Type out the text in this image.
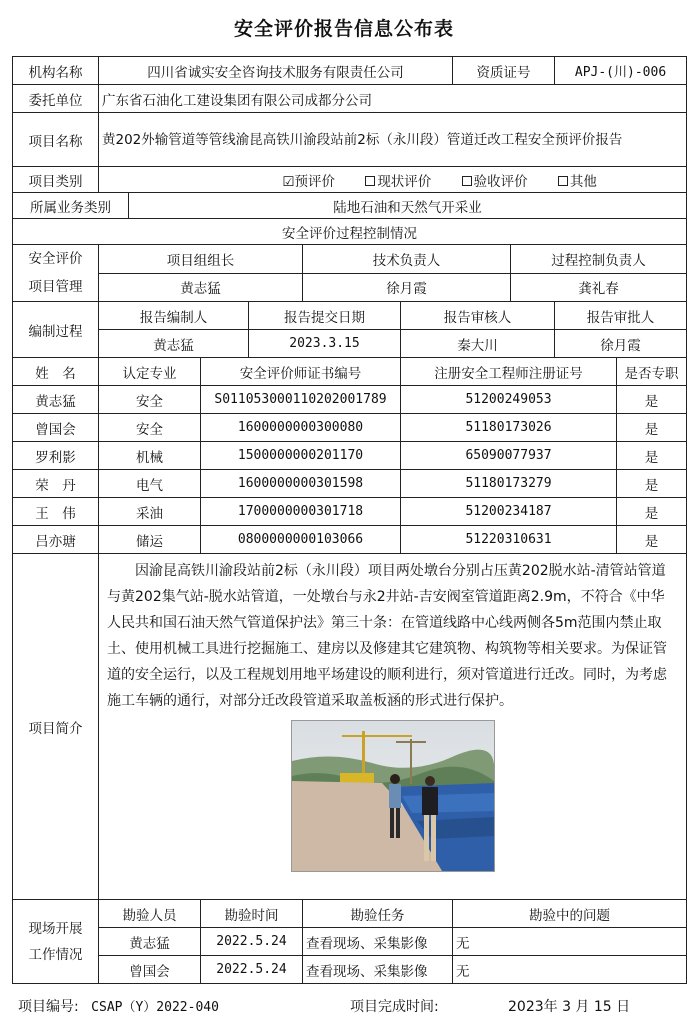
安全评价报告信息公布表
机构名称	四川省诚实安全咨询技术服务有限责任公司						资质证号		APJ-(川)-006	
委托单位	广东省石油化工建设集团有限公司成都分公司									
项目名称	黄202外输管道等管线渝昆高铁川渝段站前2标（永川段）管道迁改工程安全预评价报告									
项目类别	☑预评价 现状评价 验收评价 其他									
所属业务类别		陆地石油和天然气开采业								
安全评价过程控制情况										

安全评价
项目管理	项目组组长				技术负责人			过程控制负责人		
	黄志猛				徐月霞			龚礼春		
编制过程	报告编制人			报告提交日期		报告审核人			报告审批人	
	黄志猛			2023.3.15		秦大川			徐月霞	
姓　名	认定专业		安全评价师证书编号			注册安全工程师注册证号				是否专职
黄志猛	安全		S011053000110202001789			51200249053				是
曾国会	安全		1600000000300080			51180173026				是
罗利影	机械		1500000000201170			65090077937				是
荣　丹	电气		1600000000301598			51180173279				是
王　伟	采油		1700000000301718			51200234187				是
吕亦瑭	储运		0800000000103066			51220310631				是
项目简介	因渝昆高铁川渝段站前2标（永川段）项目两处墩台分别占压黄202脱水站-清管站管道与黄202集气站-脱水站管道，一处墩台与永2井站-吉安阀室管道距离2.9m，不符合《中华人民共和国石油天然气管道保护法》第三十条：在管道线路中心线两侧各5m范围内禁止取土、使用机械工具进行挖掘施工、建房以及修建其它建筑物、构筑物等相关要求。为保证管道的安全运行，以及工程规划用地平场建设的顺利进行，须对管道进行迁改。同时，为考虑施工车辆的通行，对部分迁改段管道采取盖板涵的形式进行保护。									

现场开展
工作情况	勘验人员		勘验时间		勘验任务		勘验中的问题			
	黄志猛		2022.5.24		查看现场、采集影像		无			
	曾国会		2022.5.24		查看现场、采集影像		无			
项目编号: CSAP（Y）2022-040	项目完成时间:	2023年 3 月 15 日
